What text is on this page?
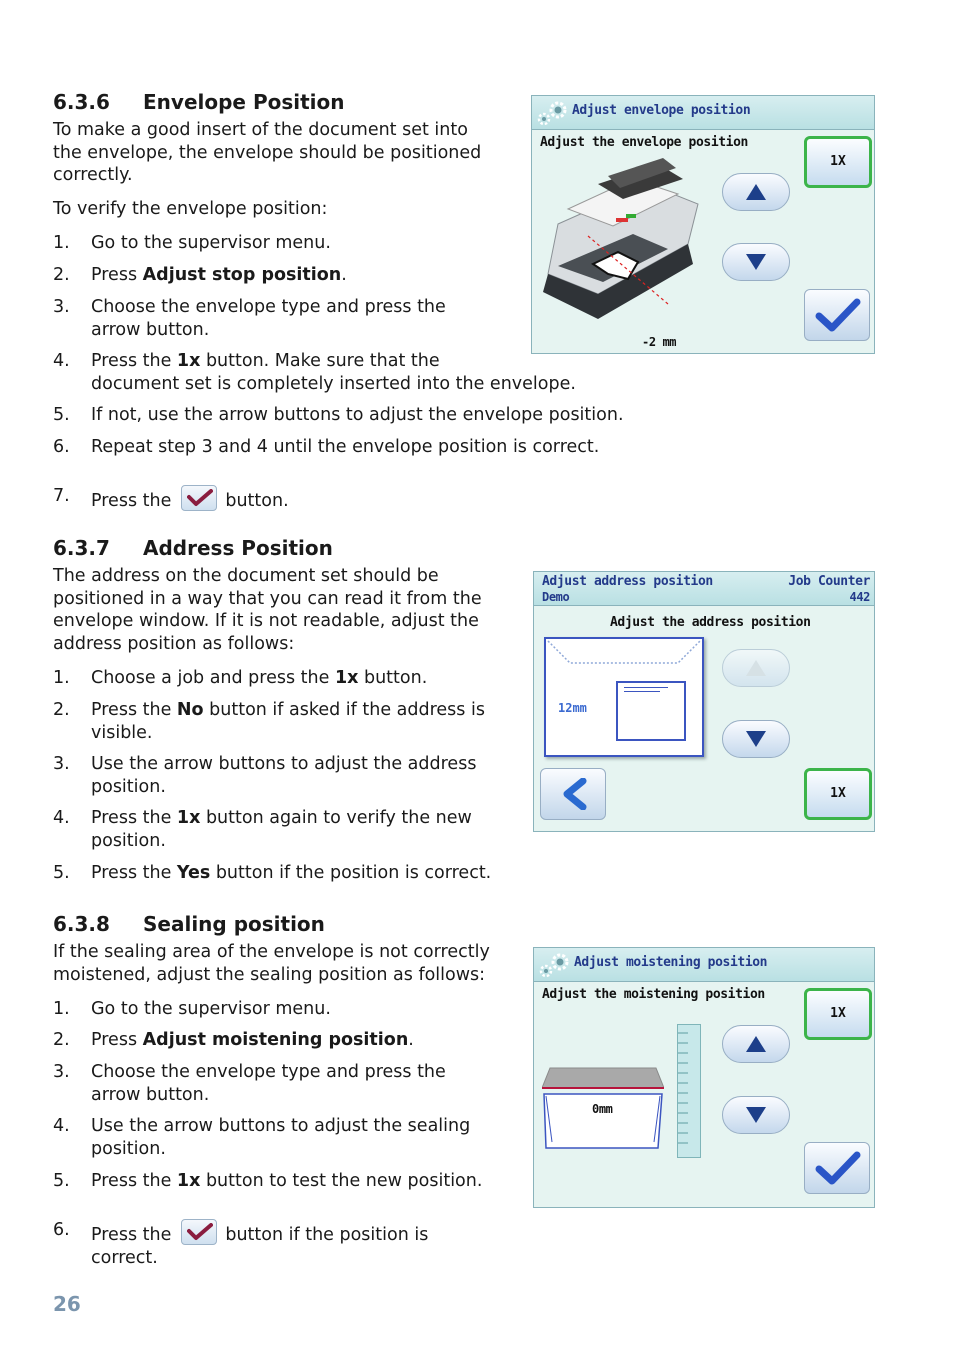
6.3.6 Envelope Position
To make a good insert of the document set into
the envelope, the envelope should be positioned
correctly.
To verify the envelope position:
1. Go to the supervisor menu.
2. Press Adjust stop position.
3. Choose the envelope type and press the
arrow button.
4. Press the 1x button. Make sure that the
document set is completely inserted into the envelope.
5. If not, use the arrow buttons to adjust the envelope position.
6. Repeat step 3 and 4 until the envelope position is correct.
7. Press the	button.
Adjust envelope position
Adjust the envelope position
1X
-2 mm
6.3.7 Address Position
The address on the document set should be
positioned in a way that you can read it from the
envelope window. If it is not readable, adjust the
address position as follows:
1. Choose a job and press the 1x button.
2. Press the No button if asked if the address is
visible.
3. Use the arrow buttons to adjust the address
position.
4. Press the 1x button again to verify the new
position.
5. Press the Yes button if the position is correct.
Adjust address position
Demo
Job Counter
442
Adjust the address position
12mm
1X
6.3.8 Sealing position
If the sealing area of the envelope is not correctly
moistened, adjust the sealing position as follows:
1. Go to the supervisor menu.
2. Press Adjust moistening position.
3. Choose the envelope type and press the
arrow button.
4. Use the arrow buttons to adjust the sealing
position.
5. Press the 1x button to test the new position.
6. Press the	button if the position is
correct.
Adjust moistening position
Adjust the moistening position
0mm
1X
26
